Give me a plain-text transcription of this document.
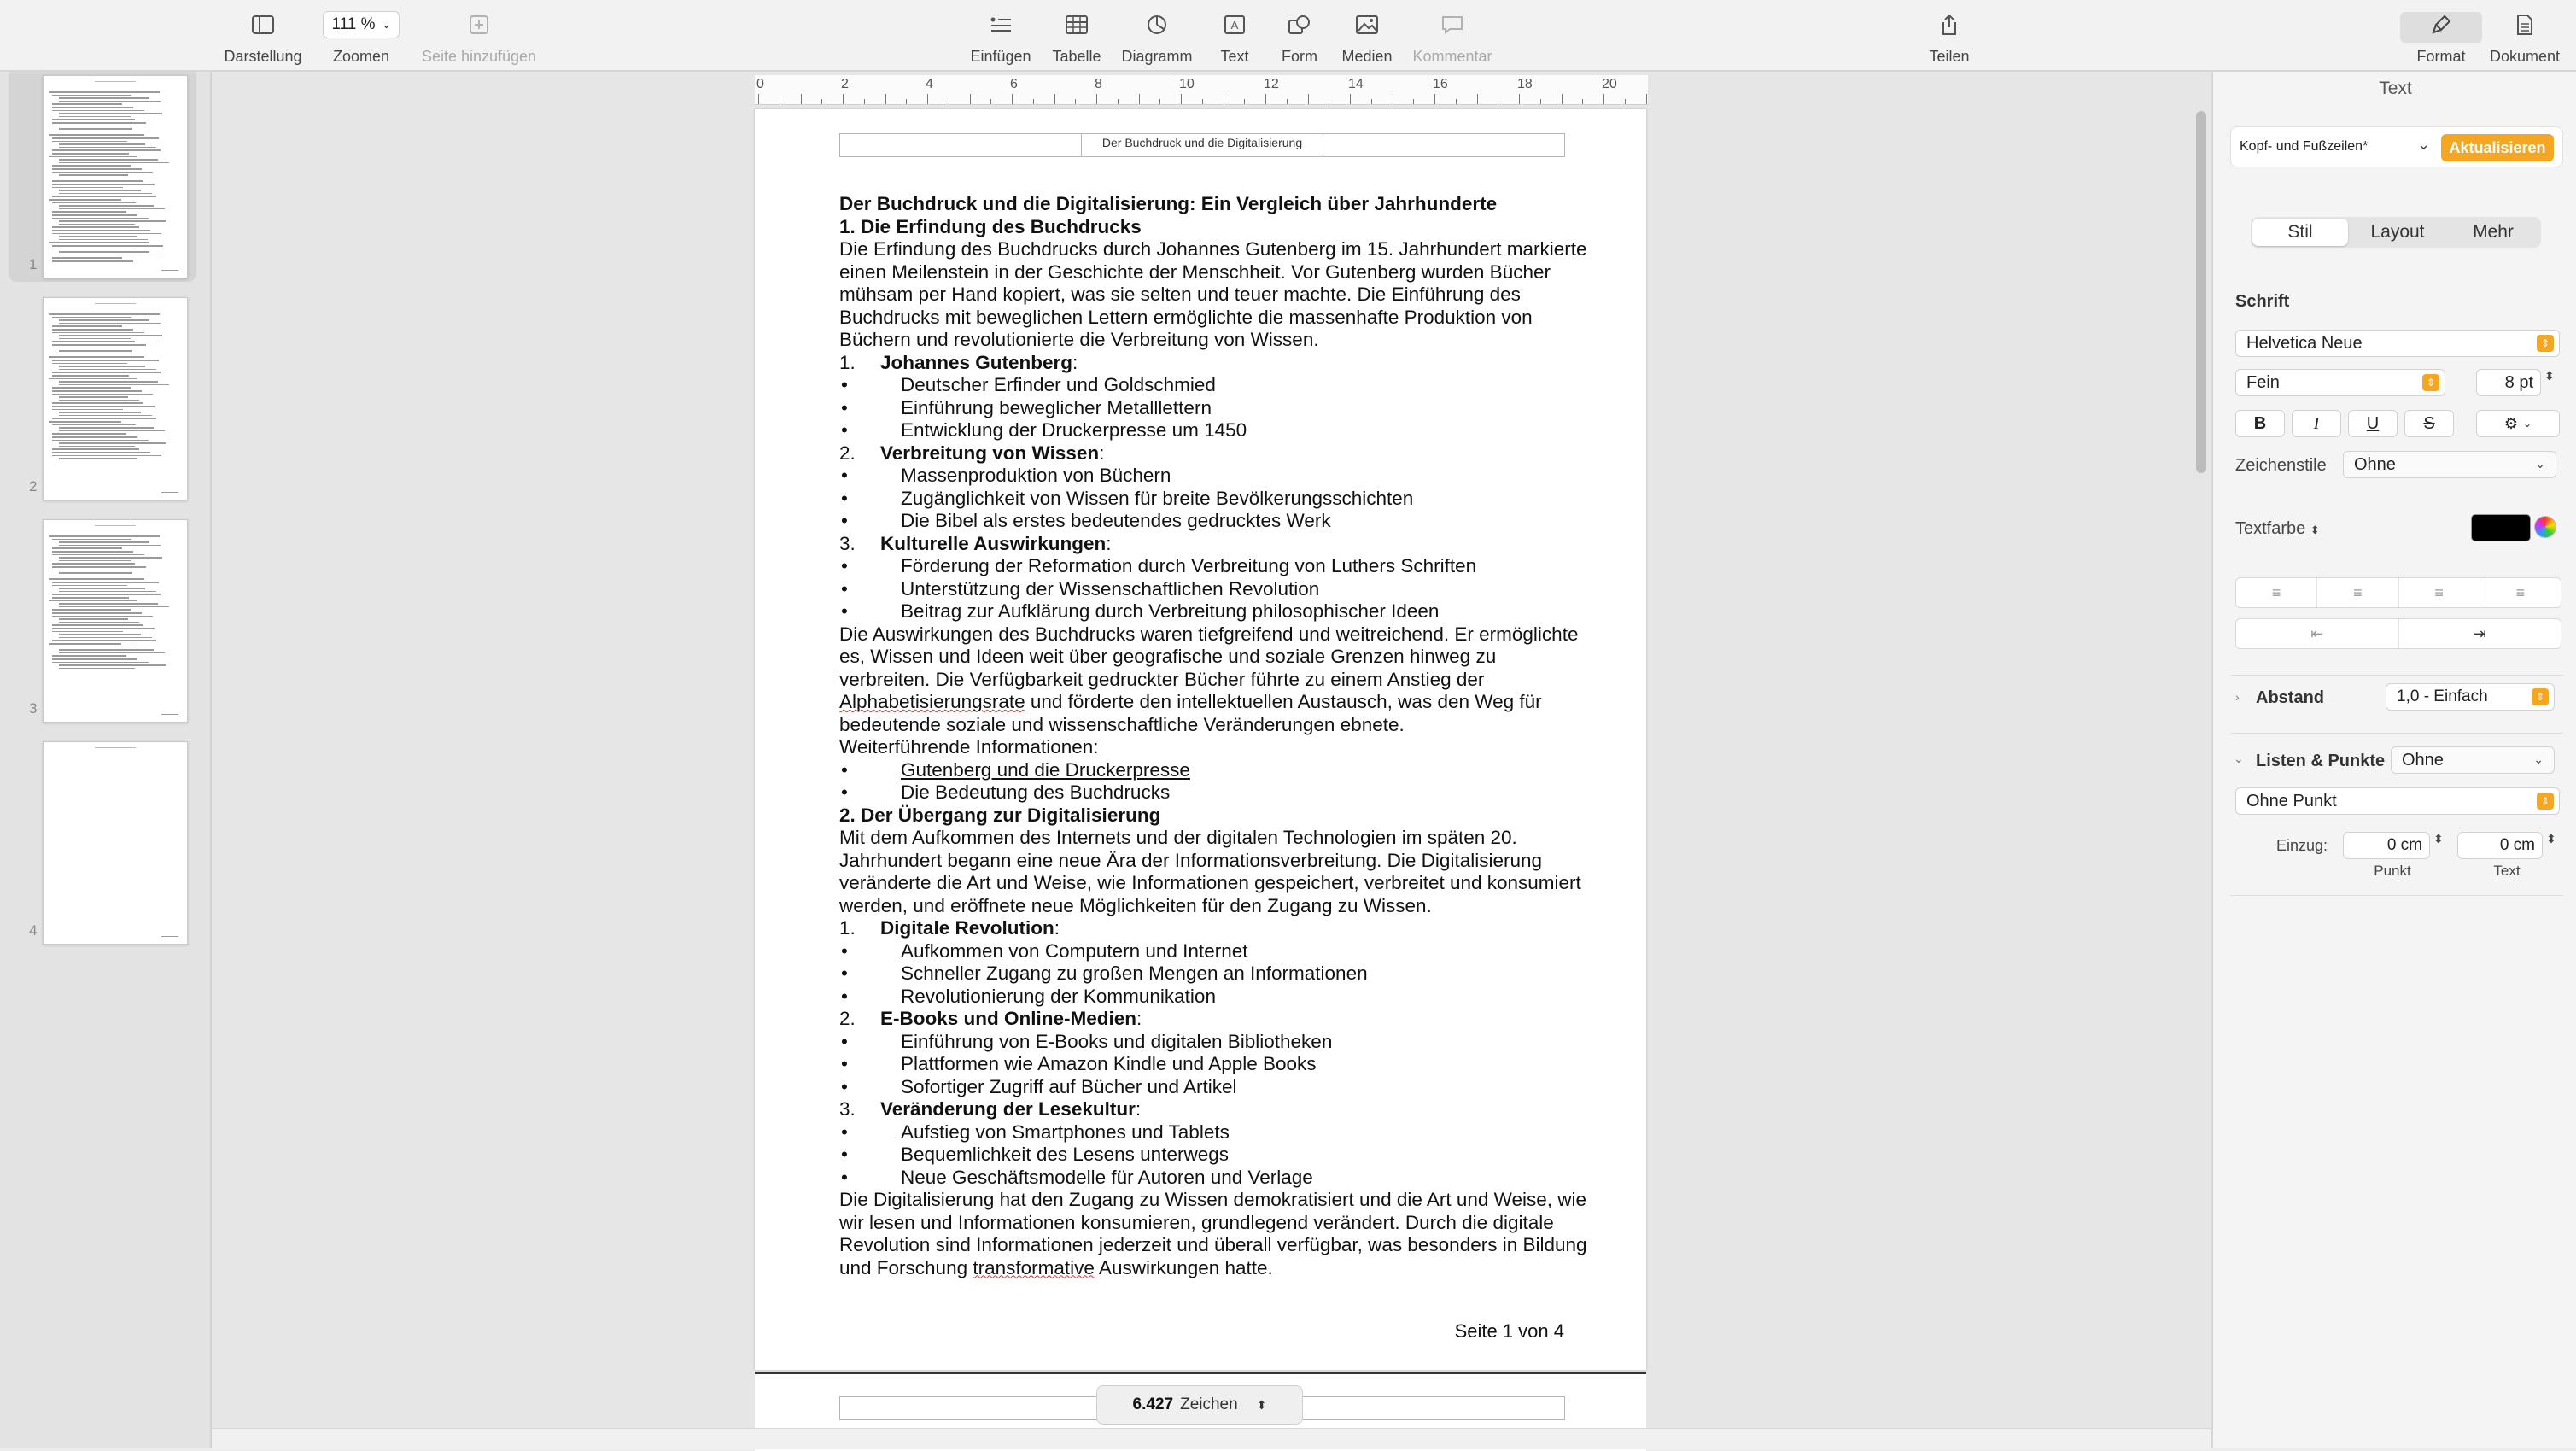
1
2
3
4
Darstellung
111 % ⌄
Zoomen Seite hinzufügen	Einfügen Tabelle Diagramm
A
Text Form Medien Kommentar	Teilen	Format Dokument
0	2	4	6	8	10	12	14	16	18	20
Der Buchdruck und die Digitalisierung

Der Buchdruck und die Digitalisierung: Ein Vergleich über Jahrhunderte

1. Die Erfindung des Buchdrucks

Die Erfindung des Buchdrucks durch Johannes Gutenberg im 15. Jahrhundert markierte einen Meilenstein in der Geschichte der Menschheit. Vor Gutenberg wurden Bücher mühsam per Hand kopiert, was sie selten und teuer machte. Die Einführung des Buchdrucks mit beweglichen Lettern ermöglichte die massenhafte Produktion von Büchern und revolutionierte die Verbreitung von Wissen.

1.	Johannes Gutenberg:
•	Deutscher Erfinder und Goldschmied
•	Einführung beweglicher Metalllettern
•	Entwicklung der Druckerpresse um 1450
2.	Verbreitung von Wissen:
•	Massenproduktion von Büchern
•	Zugänglichkeit von Wissen für breite Bevölkerungsschichten
•	Die Bibel als erstes bedeutendes gedrucktes Werk
3.	Kulturelle Auswirkungen:
•	Förderung der Reformation durch Verbreitung von Luthers Schriften
•	Unterstützung der Wissenschaftlichen Revolution
•	Beitrag zur Aufklärung durch Verbreitung philosophischer Ideen

Die Auswirkungen des Buchdrucks waren tiefgreifend und weitreichend. Er ermöglichte es, Wissen und Ideen weit über geografische und soziale Grenzen hinweg zu verbreiten. Die Verfügbarkeit gedruckter Bücher führte zu einem Anstieg der Alphabetisierungsrate und förderte den intellektuellen Austausch, was den Weg für bedeutende soziale und wissenschaftliche Veränderungen ebnete.

Weiterführende Informationen:

•	Gutenberg und die Druckerpresse
•	Die Bedeutung des Buchdrucks

2. Der Übergang zur Digitalisierung

Mit dem Aufkommen des Internets und der digitalen Technologien im späten 20. Jahrhundert begann eine neue Ära der Informationsverbreitung. Die Digitalisierung veränderte die Art und Weise, wie Informationen gespeichert, verbreitet und konsumiert werden, und eröffnete neue Möglichkeiten für den Zugang zu Wissen.

1.	Digitale Revolution:
•	Aufkommen von Computern und Internet
•	Schneller Zugang zu großen Mengen an Informationen
•	Revolutionierung der Kommunikation
2.	E-Books und Online-Medien:
•	Einführung von E-Books und digitalen Bibliotheken
•	Plattformen wie Amazon Kindle und Apple Books
•	Sofortiger Zugriff auf Bücher und Artikel
3.	Veränderung der Lesekultur:
•	Aufstieg von Smartphones und Tablets
•	Bequemlichkeit des Lesens unterwegs
•	Neue Geschäftsmodelle für Autoren und Verlage

Die Digitalisierung hat den Zugang zu Wissen demokratisiert und die Art und Weise, wie wir lesen und Informationen konsumieren, grundlegend verändert. Durch die digitale Revolution sind Informationen jederzeit und überall verfügbar, was besonders in Bildung und Forschung transformative Auswirkungen hatte.

Seite 1 von 4
6.427 Zeichen ⬍
Text
Kopf- und Fußzeilen*	⌄	Aktualisieren
Stil	Layout	Mehr
Schrift
Helvetica Neue	⇕
Fein	⇕	8 pt ⬍
B	I	U	S	⚙ ⌄
Zeichenstile Ohne	⌄
Textfarbe ⬍
≡	≡	≡	≡
⇤	⇥
› Abstand	1,0 - Einfach	⇕
⌄ Listen & Punkte Ohne	⌄
Ohne Punkt	⇕
Einzug:	0 cm ⬍	0 cm ⬍
Punkt	Text
